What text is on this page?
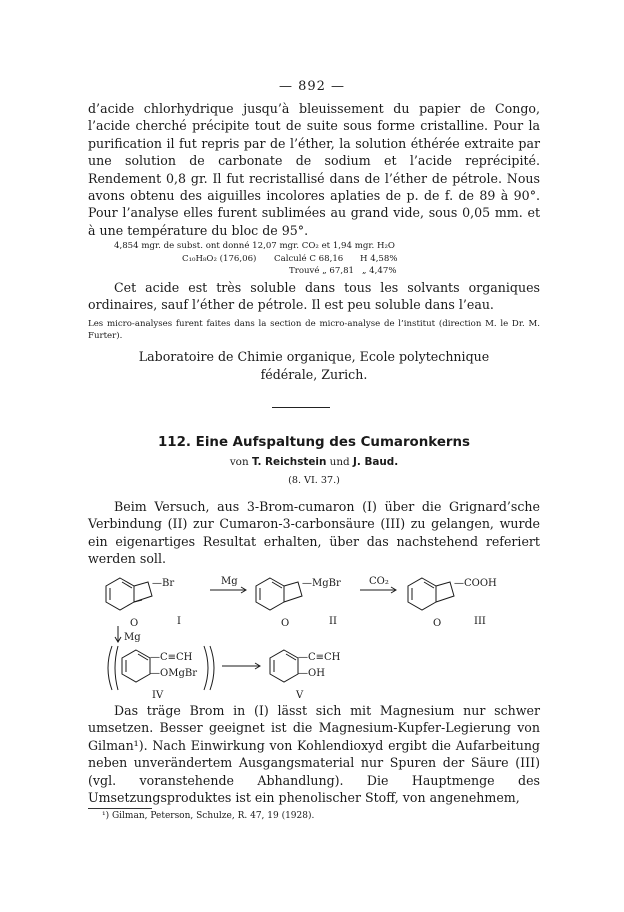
— 892 —

d’acide chlorhydrique jusqu’à bleuissement du papier de Congo, l’acide cherché précipite tout de suite sous forme cristalline. Pour la purification il fut repris par de l’éther, la solution éthérée extraite par une solution de carbonate de sodium et l’acide reprécipité. Rendement 0,8 gr. Il fut recristallisé dans de l’éther de pétrole. Nous avons obtenu des aiguilles incolores aplaties de p. de f. de 89 à 90°. Pour l’analyse elles furent sublimées au grand vide, sous 0,05 mm. et à une température du bloc de 95°.

4,854 mgr. de subst. ont donné 12,07 mgr. CO₂ et 1,94 mgr. H₂O
C₁₀H₈O₂ (176,06) Calculé C 68,16 H 4,58%
Trouvé „ 67,81 „ 4,47%
Cet acide est très soluble dans tous les solvants organiques ordinaires, sauf l’éther de pétrole. Il est peu soluble dans l’eau.
Les micro-analyses furent faites dans la section de micro-analyse de l’institut (direction M. le Dr. M. Furter).
Laboratoire de Chimie organique, Ecole polytechnique
fédérale, Zurich.
112. Eine Aufspaltung des Cumaronkerns
von T. Reichstein und J. Baud.
(8. VI. 37.)
Beim Versuch, aus 3-Brom-cumaron (I) über die Grignard’sche Verbindung (II) zur Cumaron-3-carbonsäure (III) zu gelangen, wurde ein eigenartiges Resultat erhalten, über das nachstehend referiert werden soll.
—Br
O	I
Mg	—MgBr
O	II
CO₂	—COOH
O	III
Mg
—C≡CH
—OMgBr
IV
—C≡CH
—OH
V
Das träge Brom in (I) lässt sich mit Magnesium nur schwer umsetzen. Besser geeignet ist die Magnesium-Kupfer-Legierung von Gilman¹). Nach Einwirkung von Kohlendioxyd ergibt die Aufarbeitung neben unverändertem Ausgangsmaterial nur Spuren der Säure (III) (vgl. voranstehende Abhandlung). Die Hauptmenge des Umsetzungsproduktes ist ein phenolischer Stoff, von angenehmem,
¹) Gilman, Peterson, Schulze, R. 47, 19 (1928).
